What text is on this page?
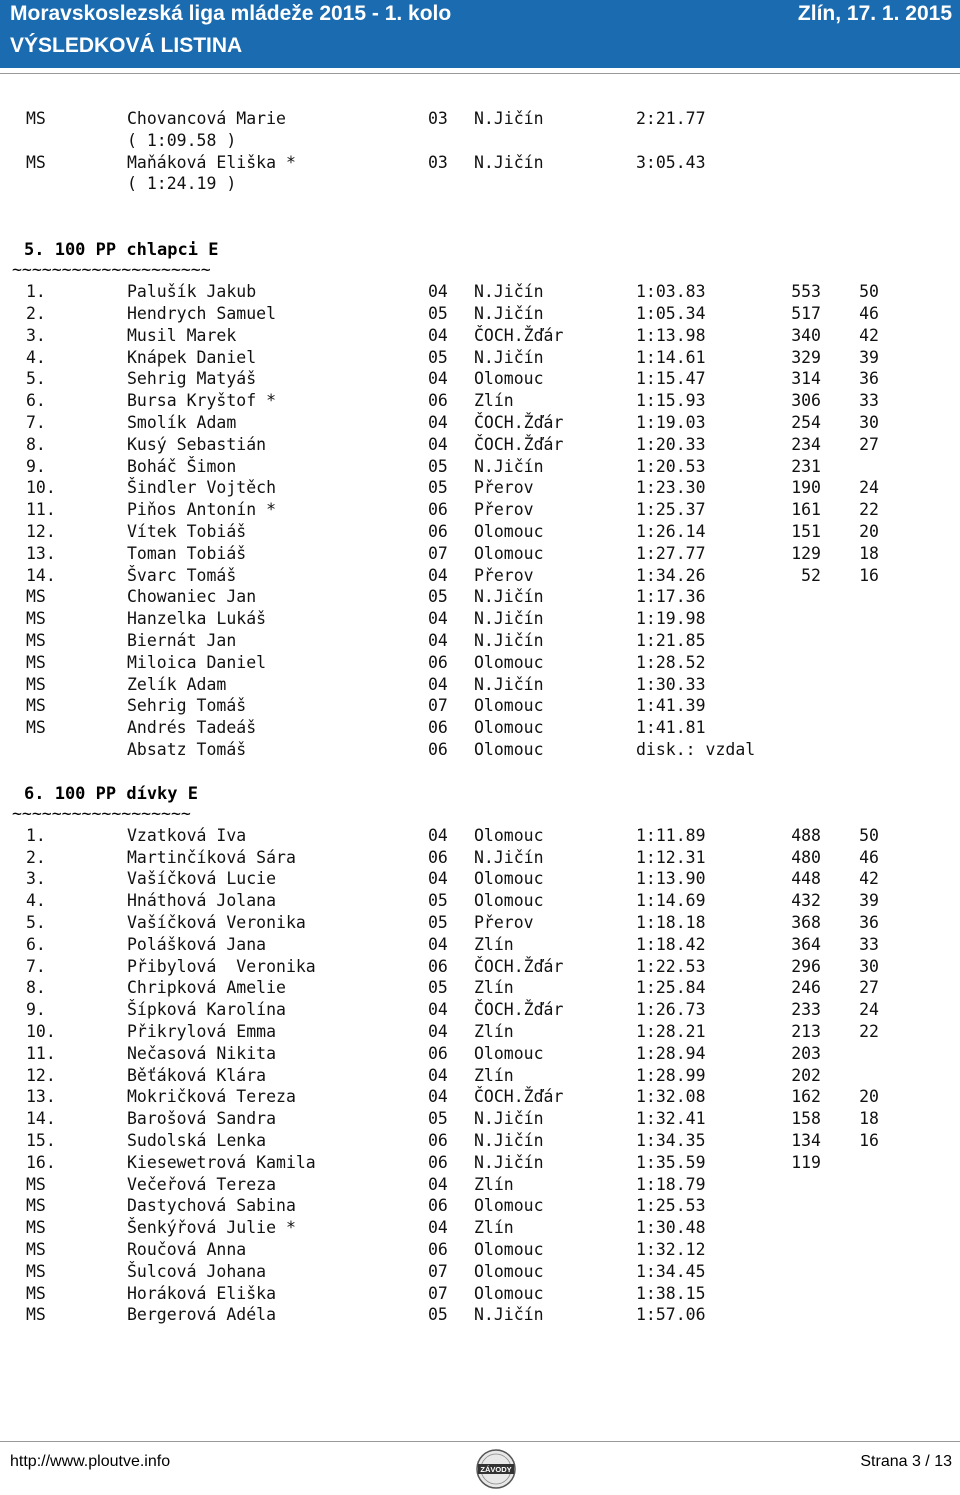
Moravskoslezská liga mládeže 2015 - 1. kolo	Zlín, 17. 1. 2015
VÝSLEDKOVÁ LISTINA
MS	Chovancová Marie	03 N.Jičín	2:21.77
( 1:09.58 )
MS	Maňáková Eliška *	03 N.Jičín	3:05.43
( 1:24.19 )
5. 100 PP chlapci E
~~~~~~~~~~~~~~~~~~~~
1.	Palušík Jakub	04 N.Jičín	1:03.83	553 50
2.	Hendrych Samuel	05 N.Jičín	1:05.34	517 46
3.	Musil Marek	04 ČOCH.Žďár	1:13.98	340 42
4.	Knápek Daniel	05 N.Jičín	1:14.61	329 39
5.	Sehrig Matyáš	04 Olomouc	1:15.47	314 36
6.	Bursa Kryštof *	06 Zlín	1:15.93	306 33
7.	Smolík Adam	04 ČOCH.Žďár	1:19.03	254 30
8.	Kusý Sebastián	04 ČOCH.Žďár	1:20.33	234 27
9.	Boháč Šimon	05 N.Jičín	1:20.53	231
10.	Šindler Vojtěch	05 Přerov	1:23.30	190 24
11.	Piňos Antonín *	06 Přerov	1:25.37	161 22
12.	Vítek Tobiáš	06 Olomouc	1:26.14	151 20
13.	Toman Tobiáš	07 Olomouc	1:27.77	129 18
14.	Švarc Tomáš	04 Přerov	1:34.26	52 16
MS	Chowaniec Jan	05 N.Jičín	1:17.36
MS	Hanzelka Lukáš	04 N.Jičín	1:19.98
MS	Biernát Jan	04 N.Jičín	1:21.85
MS	Miloica Daniel	06 Olomouc	1:28.52
MS	Zelík Adam	04 N.Jičín	1:30.33
MS	Sehrig Tomáš	07 Olomouc	1:41.39
MS	Andrés Tadeáš	06 Olomouc	1:41.81
Absatz Tomáš	06 Olomouc	disk.: vzdal
6. 100 PP dívky E
~~~~~~~~~~~~~~~~~~
1.	Vzatková Iva	04 Olomouc	1:11.89	488 50
2.	Martinčíková Sára	06 N.Jičín	1:12.31	480 46
3.	Vašíčková Lucie	04 Olomouc	1:13.90	448 42
4.	Hnáthová Jolana	05 Olomouc	1:14.69	432 39
5.	Vašíčková Veronika	05 Přerov	1:18.18	368 36
6.	Polášková Jana	04 Zlín	1:18.42	364 33
7.	Přibylová  Veronika	06 ČOCH.Žďár	1:22.53	296 30
8.	Chripková Amelie	05 Zlín	1:25.84	246 27
9.	Šípková Karolína	04 ČOCH.Žďár	1:26.73	233 24
10.	Přikrylová Emma	04 Zlín	1:28.21	213 22
11.	Nečasová Nikita	06 Olomouc	1:28.94	203
12.	Běťáková Klára	04 Zlín	1:28.99	202
13.	Mokričková Tereza	04 ČOCH.Žďár	1:32.08	162 20
14.	Barošová Sandra	05 N.Jičín	1:32.41	158 18
15.	Sudolská Lenka	06 N.Jičín	1:34.35	134 16
16.	Kiesewetrová Kamila	06 N.Jičín	1:35.59	119
MS	Večeřová Tereza	04 Zlín	1:18.79
MS	Dastychová Sabina	06 Olomouc	1:25.53
MS	Šenkýřová Julie *	04 Zlín	1:30.48
MS	Roučová Anna	06 Olomouc	1:32.12
MS	Šulcová Johana	07 Olomouc	1:34.45
MS	Horáková Eliška	07 Olomouc	1:38.15
MS	Bergerová Adéla	05 N.Jičín	1:57.06
http://www.ploutve.info	ZÁVODY	Strana 3 / 13
